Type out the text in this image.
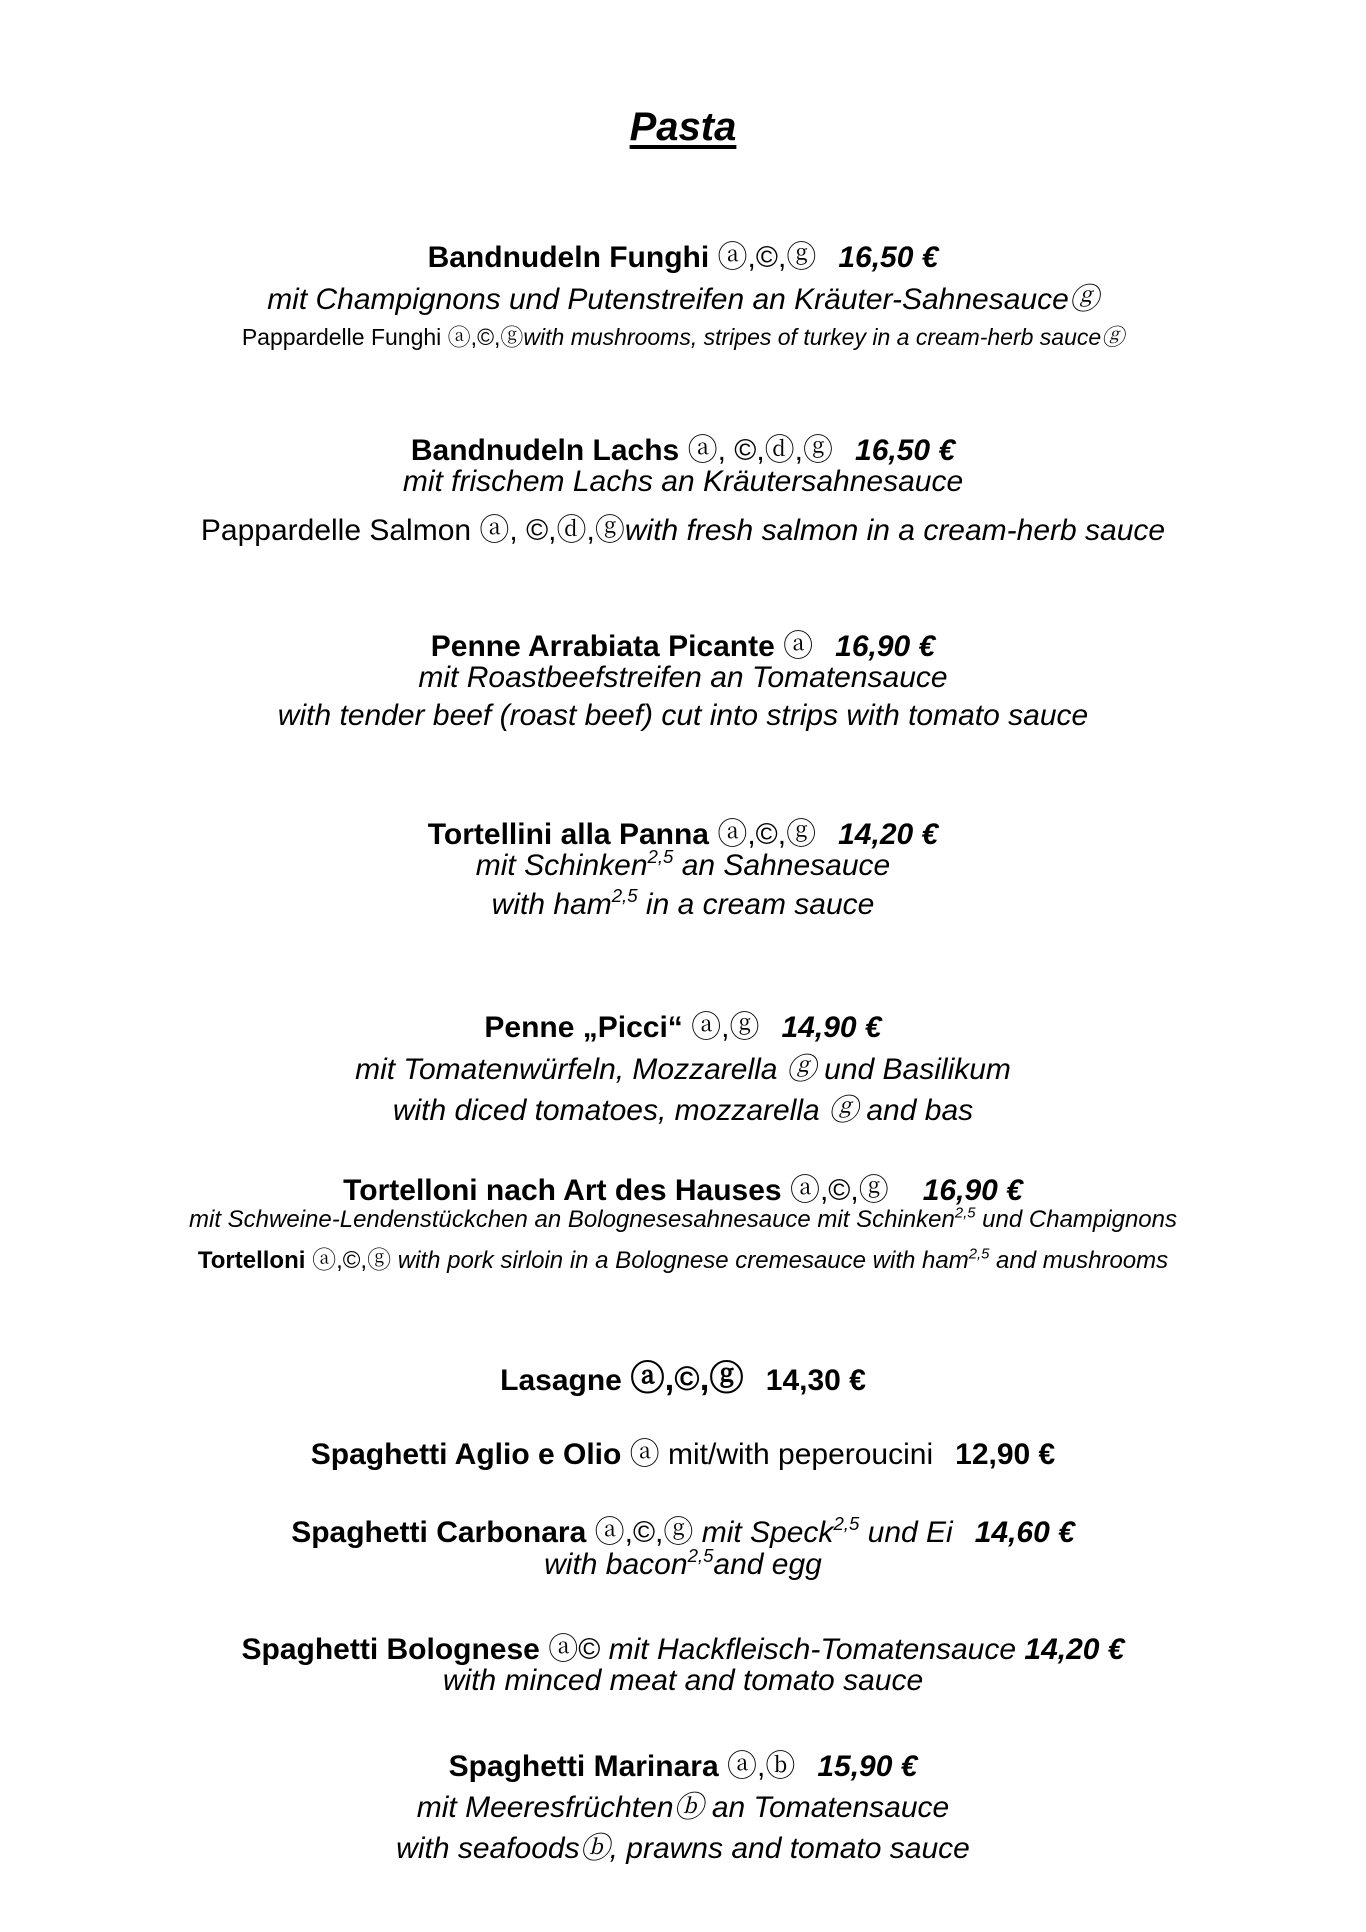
Pasta
Bandnudeln Funghi ⓐ,©,ⓖ 16,50 €
mit Champignons und Putenstreifen an Kräuter-Sahnesauceⓖ
Pappardelle Funghi ⓐ,©,ⓖwith mushrooms, stripes of turkey in a cream-herb sauceⓖ
Bandnudeln Lachs ⓐ, ©,ⓓ,ⓖ 16,50 €
mit frischem Lachs an Kräutersahnesauce
Pappardelle Salmon ⓐ, ©,ⓓ,ⓖwith fresh salmon in a cream-herb sauce
Penne Arrabiata Picante ⓐ 16,90 €
mit Roastbeefstreifen an Tomatensauce
with tender beef (roast beef) cut into strips with tomato sauce
Tortellini alla Panna ⓐ,©,ⓖ 14,20 €
mit Schinken$^{2,5}$ an Sahnesauce
with ham$^{2,5}$ in a cream sauce
Penne „Picci“ ⓐ,ⓖ 14,90 €
mit Tomatenwürfeln, Mozzarella ⓖ und Basilikum
with diced tomatoes, mozzarella ⓖ and bas
Tortelloni nach Art des Hauses ⓐ,©,ⓖ 16,90 €
mit Schweine-Lendenstückchen an Bolognesesahnesauce mit Schinken$^{2,5}$ und Champignons
Tortelloni ⓐ,©,ⓖ with pork sirloin in a Bolognese cremesauce with ham$^{2,5}$ and mushrooms
Lasagne ⓐ,©,ⓖ 14,30 €
Spaghetti Aglio e Olio ⓐ mit/with peperoucini 12,90 €
Spaghetti Carbonara ⓐ,©,ⓖ mit Speck$^{2,5}$ und Ei 14,60 €
with bacon$^{2,5}$and egg
Spaghetti Bolognese ⓐ© mit Hackfleisch-Tomatensauce 14,20 €
with minced meat and tomato sauce
Spaghetti Marinara ⓐ,ⓑ 15,90 €
mit Meeresfrüchtenⓑ an Tomatensauce
with seafoodsⓑ, prawns and tomato sauce
